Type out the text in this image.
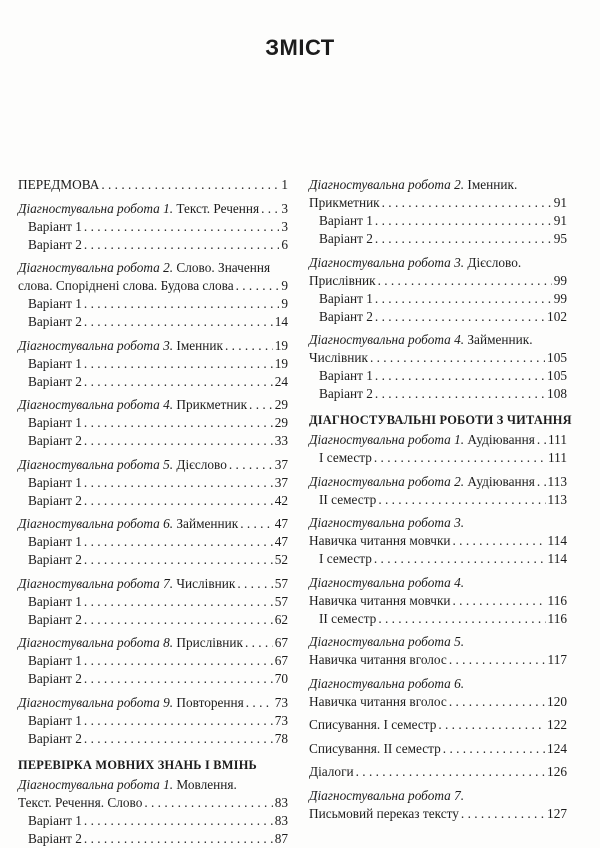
ЗМІСТ
ПЕРЕДМОВА . . .	1
Діагностувальна робота 1. Текст. Речення . . . 3
Варіант 1 . . .	3
Варіант 2 . . .	6
Діагностувальна робота 2. Слово. Значення
слова. Споріднені слова. Будова слова . . .	9
Варіант 1 . . .	9
Варіант 2 . . .	14
Діагностувальна робота 3. Іменник . . .	19
Варіант 1 . . .	19
Варіант 2 . . .	24
Діагностувальна робота 4. Прикметник . . . 29
Варіант 1 . . .	29
Варіант 2 . . .	33
Діагностувальна робота 5. Дієслово . . .	37
Варіант 1 . . .	37
Варіант 2 . . .	42
Діагностувальна робота 6. Займенник . . .	47
Варіант 1 . . .	47
Варіант 2 . . .	52
Діагностувальна робота 7. Числівник . . .	57
Варіант 1 . . .	57
Варіант 2 . . .	62
Діагностувальна робота 8. Прислівник . . . 67
Варіант 1 . . .	67
Варіант 2 . . .	70
Діагностувальна робота 9. Повторення . . . 73
Варіант 1 . . .	73
Варіант 2 . . .	78
ПЕРЕВІРКА МОВНИХ ЗНАНЬ І ВМІНЬ
Діагностувальна робота 1. Мовлення.
Текст. Речення. Слово . . .	83
Варіант 1 . . .	83
Варіант 2 . . .	87
Діагностувальна робота 2. Іменник.
Прикметник . . .	91
Варіант 1 . . .	91
Варіант 2 . . .	95
Діагностувальна робота 3. Дієслово.
Прислівник . . .	99
Варіант 1 . . .	99
Варіант 2 . . .	102
Діагностувальна робота 4. Займенник.
Числівник . . .	105
Варіант 1 . . .	105
Варіант 2 . . .	108
ДІАГНОСТУВАЛЬНІ РОБОТИ З ЧИТАННЯ
Діагностувальна робота 1. Аудіювання . . . 111
І семестр . . .	111
Діагностувальна робота 2. Аудіювання . . . 113
ІІ семестр . . .	113
Діагностувальна робота 3.
Навичка читання мовчки . . .	114
І семестр . . .	114
Діагностувальна робота 4.
Навичка читання мовчки . . .	116
ІІ семестр . . .	116
Діагностувальна робота 5.
Навичка читання вголос . . .	117
Діагностувальна робота 6.
Навичка читання вголос . . .	120
Списування. І семестр . . .	122
Списування. ІІ семестр . . .	124
Діалоги . . .	126
Діагностувальна робота 7.
Письмовий переказ тексту . . .	127
